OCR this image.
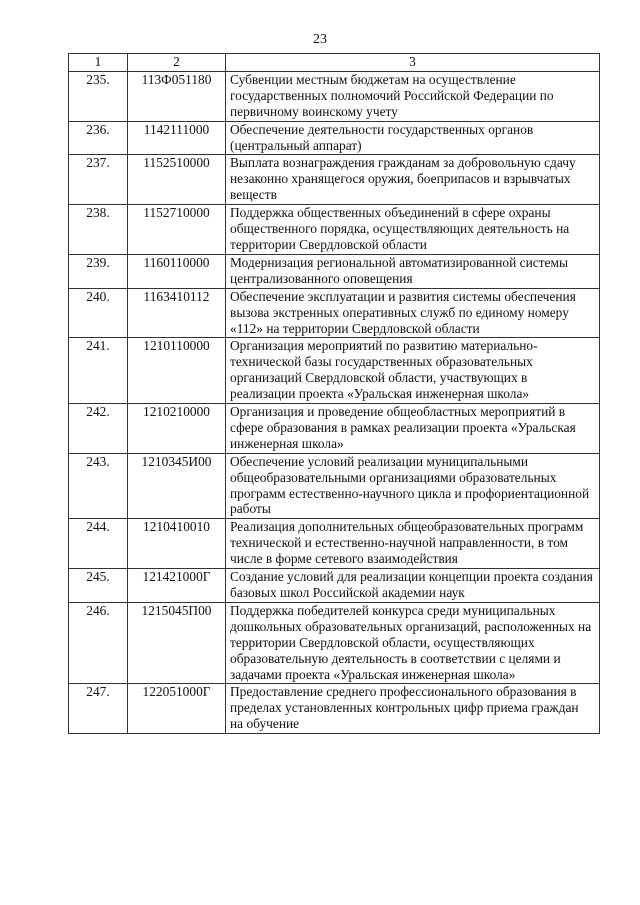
23
1	2	3
235.	113Ф051180	Субвенции местным бюджетам на осуществление государственных полномочий Российской Федерации по первичному воинскому учету
236.	1142111000	Обеспечение деятельности государственных органов (центральный аппарат)
237.	1152510000	Выплата вознаграждения гражданам за добровольную сдачу незаконно хранящегося оружия, боеприпасов и взрывчатых веществ
238.	1152710000	Поддержка общественных объединений в сфере охраны общественного порядка, осуществляющих деятельность на территории Свердловской области
239.	1160110000	Модернизация региональной автоматизированной системы централизованного оповещения
240.	1163410112	Обеспечение эксплуатации и развития системы обеспечения вызова экстренных оперативных служб по единому номеру «112» на территории Свердловской области
241.	1210110000	Организация мероприятий по развитию материально-технической базы государственных образовательных организаций Свердловской области, участвующих в реализации проекта «Уральская инженерная школа»
242.	1210210000	Организация и проведение общеобластных мероприятий в сфере образования в рамках реализации проекта «Уральская инженерная школа»
243.	1210345И00	Обеспечение условий реализации муниципальными общеобразовательными организациями образовательных программ естественно-научного цикла и профориентационной работы
244.	1210410010	Реализация дополнительных общеобразовательных программ технической и естественно-научной направленности, в том числе в форме сетевого взаимодействия
245.	121421000Г	Создание условий для реализации концепции проекта создания базовых школ Российской академии наук
246.	1215045П00	Поддержка победителей конкурса среди муниципальных дошкольных образовательных организаций, расположенных на территории Свердловской области, осуществляющих образовательную деятельность в соответствии с целями и задачами проекта «Уральская инженерная школа»
247.	122051000Г	Предоставление среднего профессионального образования в пределах установленных контрольных цифр приема граждан на обучение
